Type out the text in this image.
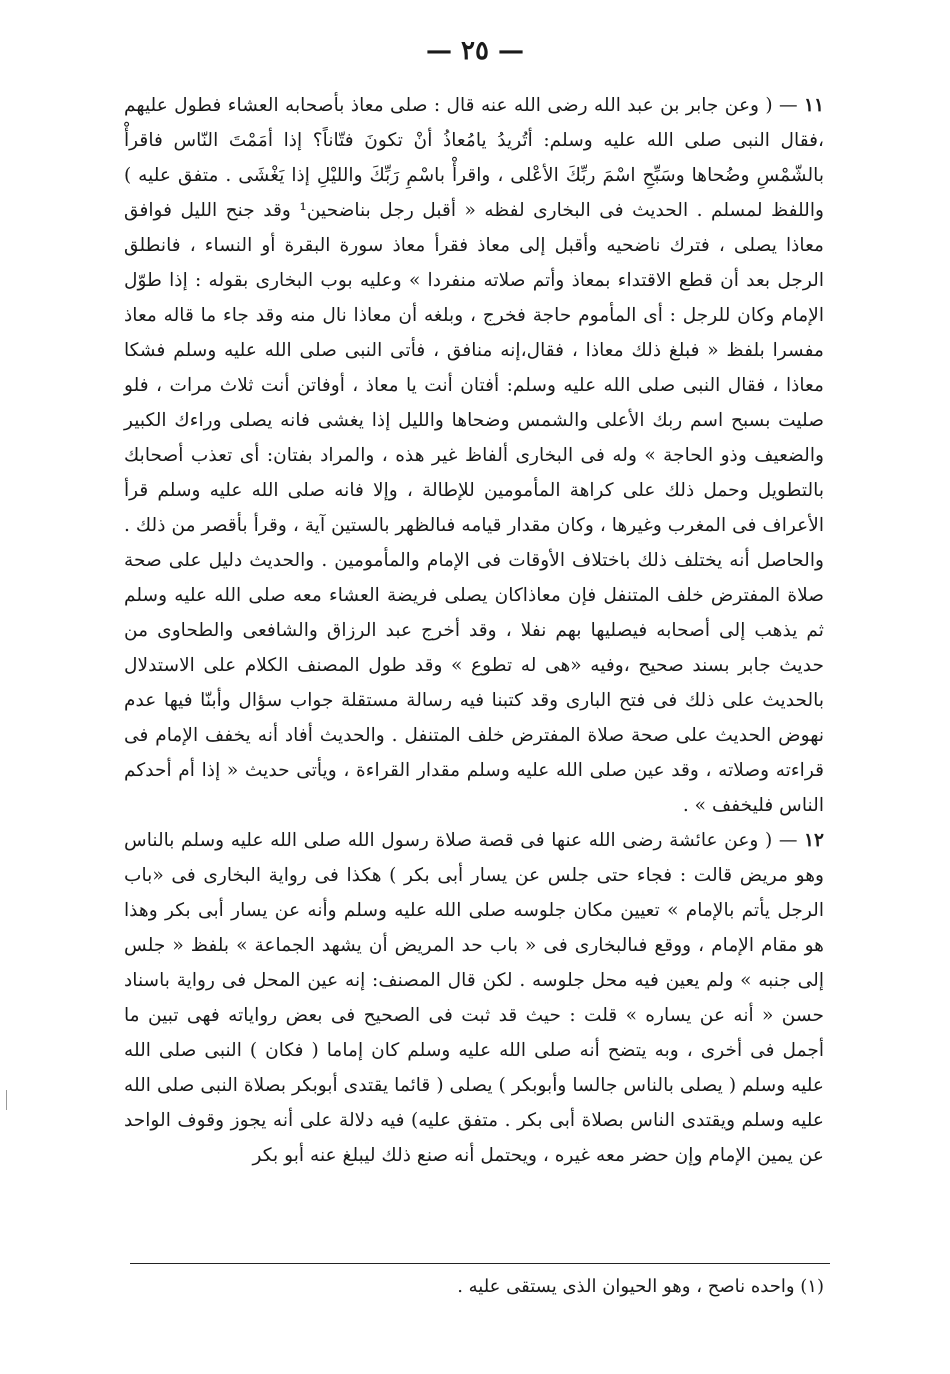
— ٢٥ —

١١ — ( وعن جابر بن عبد الله رضى الله عنه قال : صلى معاذ بأصحابه العشاء فطول عليهم ،فقال النبى صلى الله عليه وسلم: أتُريدُ يامُعاذُ أنْ تكونَ فتّاناً؟ إذا أمَمْتَ النّاس فاقرأْ بالشّمْسِ وضُحاها وسَبِّحِ اسْمَ ربِّكَ الأعْلى ، واقرأْ باسْمِ رَبِّكَ والليْلِ إذا يَغْشَى . متفق عليه ) واللفظ لمسلم . الحديث فى البخارى لفظه « أقبل رجل بناضحين¹ وقد جنح الليل فوافق معاذا يصلى ، فترك ناضحيه وأقبل إلى معاذ فقرأ معاذ سورة البقرة أو النساء ، فانطلق الرجل بعد أن قطع الاقتداء بمعاذ وأتم صلاته منفردا » وعليه بوب البخارى بقوله : إذا طوّل الإمام وكان للرجل : أى المأموم حاجة فخرج ، وبلغه أن معاذا نال منه وقد جاء ما قاله معاذ مفسرا بلفظ « فبلغ ذلك معاذا ، فقال،إنه منافق ، فأتى النبى صلى الله عليه وسلم فشكا معاذا ، فقال النبى صلى الله عليه وسلم: أفتان أنت يا معاذ ، أوفاتن أنت ثلاث مرات ، فلو صليت بسبح اسم ربك الأعلى والشمس وضحاها والليل إذا يغشى فانه يصلى وراءك الكبير والضعيف وذو الحاجة » وله فى البخارى ألفاظ غير هذه ، والمراد بفتان: أى تعذب أصحابك بالتطويل وحمل ذلك على كراهة المأمومين للإطالة ، وإلا فانه صلى الله عليه وسلم قرأ الأعراف فى المغرب وغيرها ، وكان مقدار قيامه فىالظهر بالستين آية ، وقرأ بأقصر من ذلك . والحاصل أنه يختلف ذلك باختلاف الأوقات فى الإمام والمأمومين . والحديث دليل على صحة صلاة المفترض خلف المتنفل فإن معاذاكان يصلى فريضة العشاء معه صلى الله عليه وسلم ثم يذهب إلى أصحابه فيصليها بهم نفلا ، وقد أخرج عبد الرزاق والشافعى والطحاوى من حديث جابر بسند صحيح ،وفيه «هى له تطوع » وقد طول المصنف الكلام على الاستدلال بالحديث على ذلك فى فتح البارى وقد كتبنا فيه رسالة مستقلة جواب سؤال وأبنّا فيها عدم نهوض الحديث على صحة صلاة المفترض خلف المتنفل . والحديث أفاد أنه يخفف الإمام فى قراءته وصلاته ، وقد عين صلى الله عليه وسلم مقدار القراءة ، ويأتى حديث « إذا أم أحدكم الناس فليخفف » .

١٢ — ( وعن عائشة رضى الله عنها فى قصة صلاة رسول الله صلى الله عليه وسلم بالناس وهو مريض قالت : فجاء حتى جلس عن يسار أبى بكر ) هكذا فى رواية البخارى فى «باب الرجل يأتم بالإمام » تعيين مكان جلوسه صلى الله عليه وسلم وأنه عن يسار أبى بكر وهذا هو مقام الإمام ، ووقع فىالبخارى فى « باب حد المريض أن يشهد الجماعة » بلفظ « جلس إلى جنبه » ولم يعين فيه محل جلوسه . لكن قال المصنف: إنه عين المحل فى رواية باسناد حسن « أنه عن يساره » قلت : حيث قد ثبت فى الصحيح فى بعض رواياته فهى تبين ما أجمل فى أخرى ، وبه يتضح أنه صلى الله عليه وسلم كان إماما ( فكان ) النبى صلى الله عليه وسلم ( يصلى بالناس جالسا وأبوبكر ) يصلى ( قائما يقتدى أبوبكر بصلاة النبى صلى الله عليه وسلم ويقتدى الناس بصلاة أبى بكر . متفق عليه) فيه دلالة على أنه يجوز وقوف الواحد عن يمين الإمام وإن حضر معه غيره ، ويحتمل أنه صنع ذلك ليبلغ عنه أبو بكر

(١) واحده ناصح ، وهو الحيوان الذى يستقى عليه .
